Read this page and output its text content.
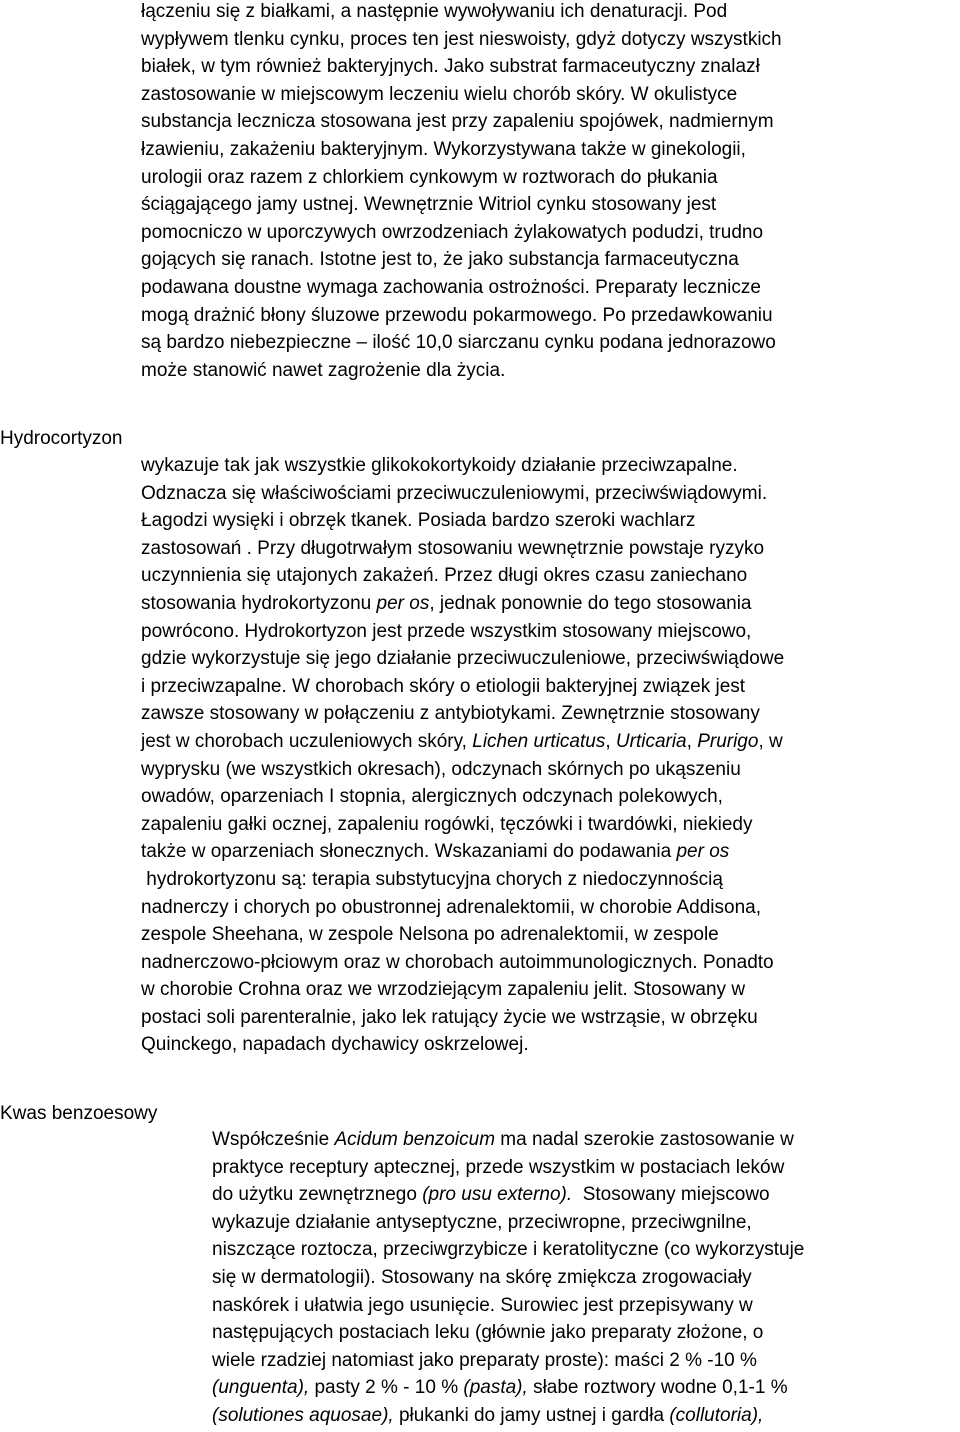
łączeniu się z białkami, a następnie wywoływaniu ich denaturacji. Pod
wypływem tlenku cynku, proces ten jest nieswoisty, gdyż dotyczy wszystkich
białek, w tym również bakteryjnych. Jako substrat farmaceutyczny znalazł
zastosowanie w miejscowym leczeniu wielu chorób skóry. W okulistyce
substancja lecznicza stosowana jest przy zapaleniu spojówek, nadmiernym
łzawieniu, zakażeniu bakteryjnym. Wykorzystywana także w ginekologii,
urologii oraz razem z chlorkiem cynkowym w roztworach do płukania
ściągającego jamy ustnej. Wewnętrznie Witriol cynku stosowany jest
pomocniczo w uporczywych owrzodzeniach żylakowatych podudzi, trudno
gojących się ranach. Istotne jest to, że jako substancja farmaceutyczna
podawana doustne wymaga zachowania ostrożności. Preparaty lecznicze
mogą drażnić błony śluzowe przewodu pokarmowego. Po przedawkowaniu
są bardzo niebezpieczne – ilość 10,0 siarczanu cynku podana jednorazowo
może stanowić nawet zagrożenie dla życia.
Hydrocortyzon
wykazuje tak jak wszystkie glikokokortykoidy działanie przeciwzapalne.
Odznacza się właściwościami przeciwuczuleniowymi, przeciwświądowymi.
Łagodzi wysięki i obrzęk tkanek. Posiada bardzo szeroki wachlarz
zastosowań . Przy długotrwałym stosowaniu wewnętrznie powstaje ryzyko
uczynnienia się utajonych zakażeń. Przez długi okres czasu zaniechano
stosowania hydrokortyzonu per os, jednak ponownie do tego stosowania
powrócono. Hydrokortyzon jest przede wszystkim stosowany miejscowo,
gdzie wykorzystuje się jego działanie przeciwuczuleniowe, przeciwświądowe
i przeciwzapalne. W chorobach skóry o etiologii bakteryjnej związek jest
zawsze stosowany w połączeniu z antybiotykami. Zewnętrznie stosowany
jest w chorobach uczuleniowych skóry, Lichen urticatus, Urticaria, Prurigo, w
wyprysku (we wszystkich okresach), odczynach skórnych po ukąszeniu
owadów, oparzeniach I stopnia, alergicznych odczynach polekowych,
zapaleniu gałki ocznej, zapaleniu rogówki, tęczówki i twardówki, niekiedy
także w oparzeniach słonecznych. Wskazaniami do podawania per os
hydrokortyzonu są: terapia substytucyjna chorych z niedoczynnością
nadnerczy i chorych po obustronnej adrenalektomii, w chorobie Addisona,
zespole Sheehana, w zespole Nelsona po adrenalektomii, w zespole
nadnerczowo-płciowym oraz w chorobach autoimmunologicznych. Ponadto
w chorobie Crohna oraz we wrzodziejącym zapaleniu jelit. Stosowany w
postaci soli parenteralnie, jako lek ratujący życie we wstrząsie, w obrzęku
Quinckego, napadach dychawicy oskrzelowej.
Kwas benzoesowy
Współcześnie Acidum benzoicum ma nadal szerokie zastosowanie w
praktyce receptury aptecznej, przede wszystkim w postaciach leków
do użytku zewnętrznego (pro usu externo).  Stosowany miejscowo
wykazuje działanie antyseptyczne, przeciwropne, przeciwgnilne,
niszczące roztocza, przeciwgrzybicze i keratolityczne (co wykorzystuje
się w dermatologii). Stosowany na skórę zmiękcza zrogowaciały
naskórek i ułatwia jego usunięcie. Surowiec jest przepisywany w
następujących postaciach leku (głównie jako preparaty złożone, o
wiele rzadziej natomiast jako preparaty proste): maści 2 % -10 %
(unguenta), pasty 2 % - 10 % (pasta), słabe roztwory wodne 0,1-1 %
(solutiones aquosae), płukanki do jamy ustnej i gardła (collutoria),
